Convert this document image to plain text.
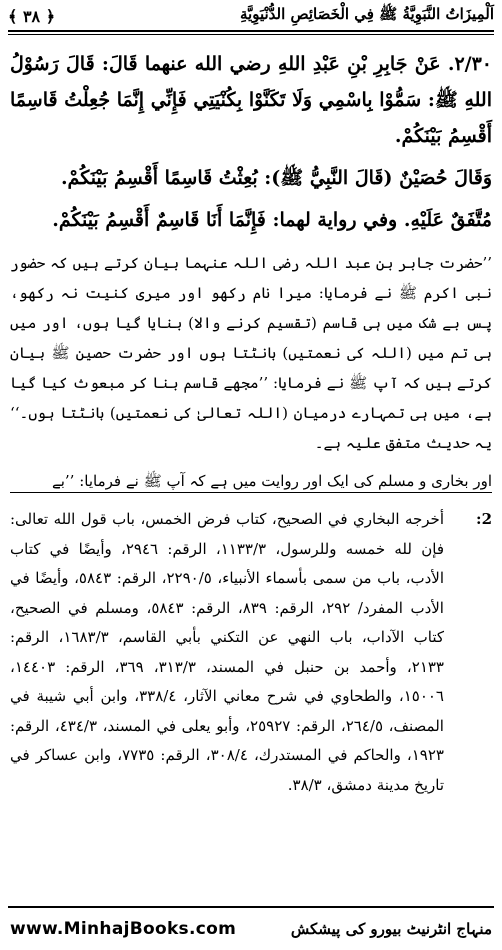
اَلْمِيزَاتُ النَّبَوِيَّةُ ﷺ فِي الْخَصَائِصِ الدُّنْيَوِيَّةِ
﴿ ٣٨ ﴾

٢/٣٠. عَنْ جَابِرِ بْنِ عَبْدِ اللهِ رضي الله عنهما قَالَ: قَالَ رَسُوْلُ اللهِ ﷺ: سَمُّوْا بِاسْمِي وَلَا تَكَنَّوْا بِكُنْيَتِي فَإِنِّي إِنَّمَا جُعِلْتُ قَاسِمًا أَقْسِمُ بَيْنَكُمْ.

وَقَالَ حُصَيْنٌ (قَالَ النَّبِيُّ ﷺ): بُعِثْتُ قَاسِمًا أَقْسِمُ بَيْنَكُمْ.

مُتَّفَقٌ عَلَيْهِ. وفي رواية لهما: فَإِنَّمَا أَنَا قَاسِمٌ أَقْسِمُ بَيْنَكُمْ.

’’حضرت جابر بن عبد اللہ رضی اللہ عنہما بیان کرتے ہیں کہ حضور نبی اکرم ﷺ نے فرمایا: میرا نام رکھو اور میری کنیت نہ رکھو، پس بے شک میں ہی قاسم (تقسیم کرنے والا) بنایا گیا ہوں، اور میں ہی تم میں (اللہ کی نعمتیں) بانٹتا ہوں اور حضرت حصین ﷺ بیان کرتے ہیں کہ آپ ﷺ نے فرمایا: ’’مجھے قاسم بنا کر مبعوث کیا گیا ہے، میں ہی تمہارے درمیان (اللہ تعالیٰ کی نعمتیں) بانٹتا ہوں۔‘‘ یہ حدیث متفق علیہ ہے۔

اور بخاری و مسلم کی ایک اور روایت میں ہے کہ آپ ﷺ نے فرمایا: ’’بے

2:
أخرجه البخاري في الصحيح، كتاب فرض الخمس، باب قول الله تعالى: فإن لله خمسه وللرسول، ١١٣٣/٣، الرقم: ٢٩٤٦، وأيضًا في كتاب الأدب، باب من سمى بأسماء الأنبياء، ٢٢٩٠/٥، الرقم: ٥٨٤٣، وأيضًا في الأدب المفرد/ ٢٩٢، الرقم: ٨٣٩، الرقم: ٥٨٤٣، ومسلم في الصحيح، كتاب الآداب، باب النهي عن التكني بأبي القاسم، ١٦٨٣/٣، الرقم: ٢١٣٣، وأحمد بن حنبل في المسند، ٣١٣/٣، ٣٦٩، الرقم: ١٤٤٠٣، ١٥٠٠٦، والطحاوي في شرح معاني الآثار، ٣٣٨/٤، وابن أبي شيبة في المصنف، ٢٦٤/٥، الرقم: ٢٥٩٢٧، وأبو يعلى في المسند، ٤٣٤/٣، الرقم: ١٩٢٣، والحاكم في المستدرك، ٣٠٨/٤، الرقم: ٧٧٣٥، وابن عساكر في تاريخ مدينة دمشق، ٣٨/٣.
www.MinhajBooks.com	منہاج انٹرنیٹ بیورو کی پیشکش
